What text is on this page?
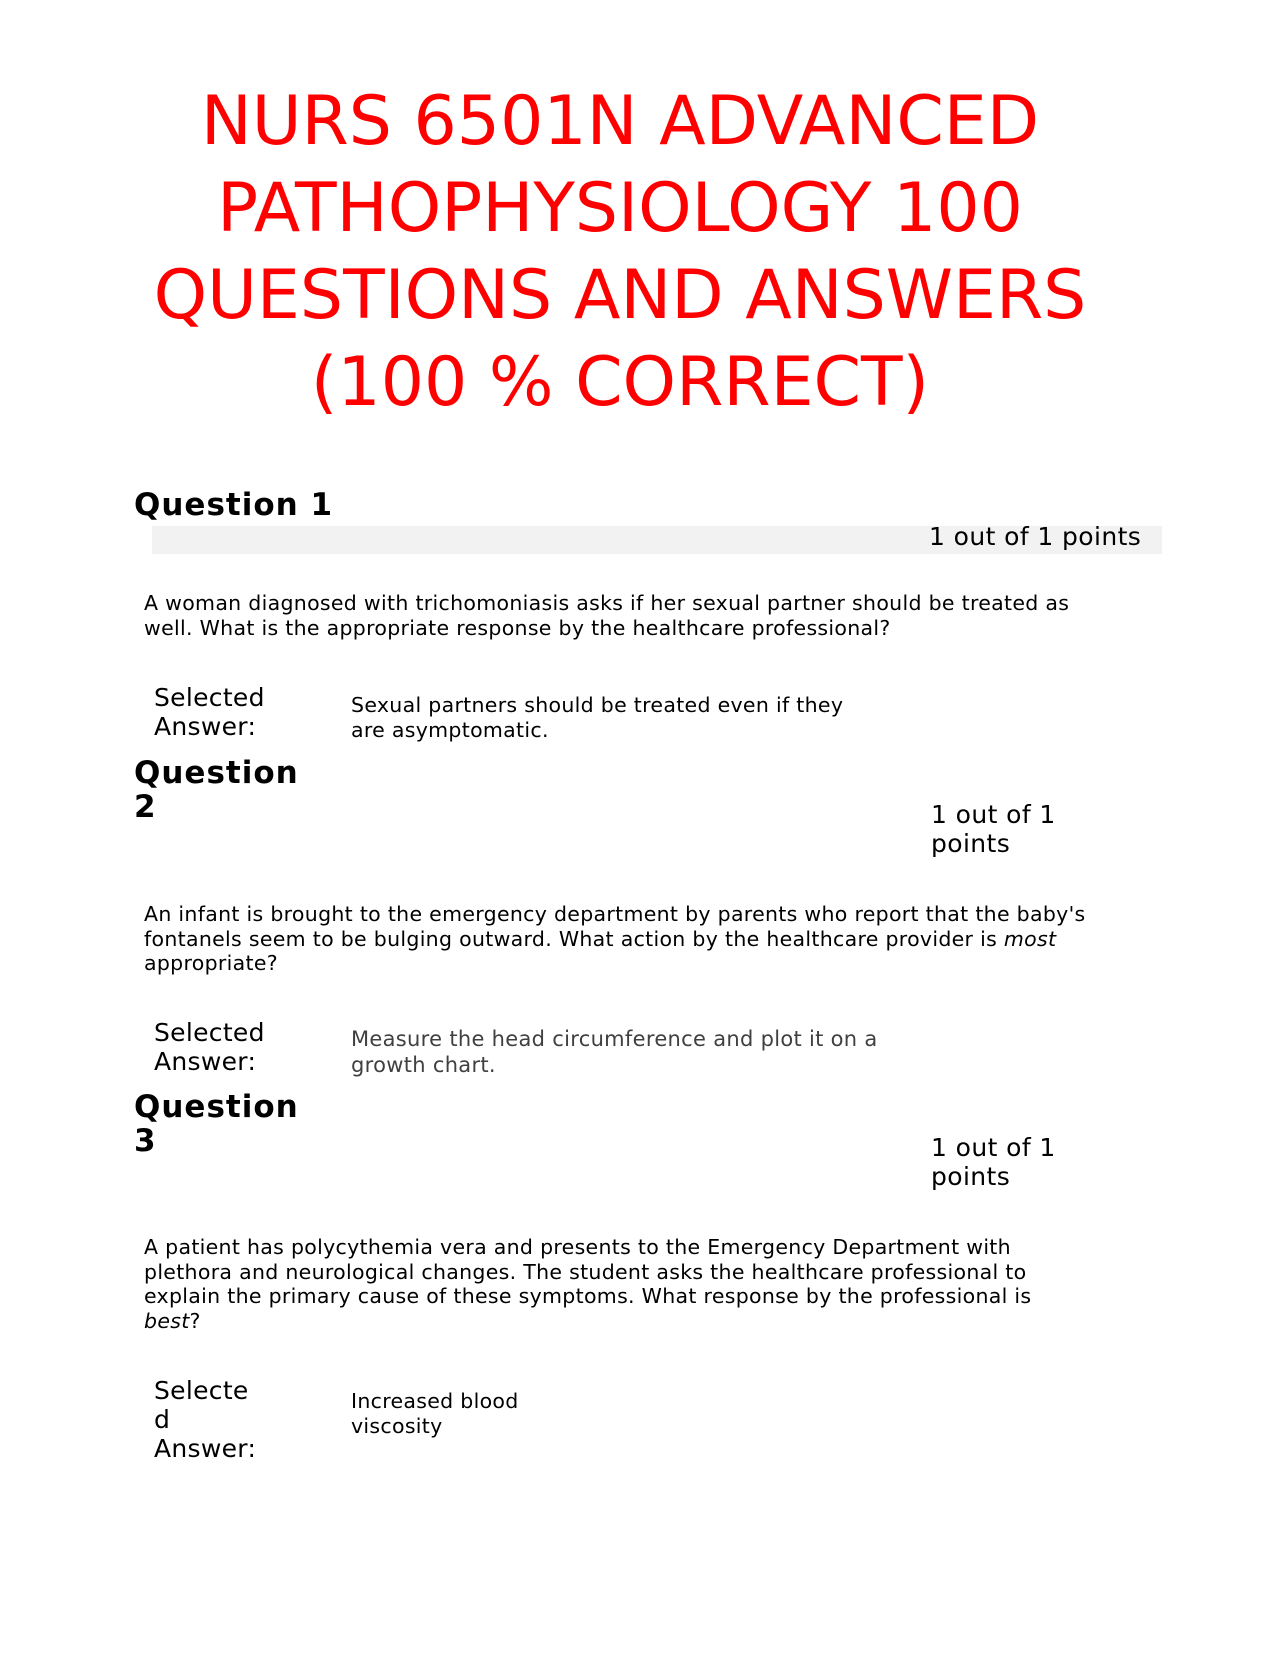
NURS 6501N ADVANCED
PATHOPHYSIOLOGY 100
QUESTIONS AND ANSWERS
(100 % CORRECT)
Question 1
1 out of 1 points

A woman diagnosed with trichomoniasis asks if her sexual partner should be treated as well. What is the appropriate response by the healthcare professional?

Selected Answer:
Sexual partners should be treated even if they are asymptomatic.
Question
2	1 out of 1
points

An infant is brought to the emergency department by parents who report that the baby's fontanels seem to be bulging outward. What action by the healthcare provider is most appropriate?

Selected Answer:
Measure the head circumference and plot it on a growth chart.
Question
3	1 out of 1
points

A patient has polycythemia vera and presents to the Emergency Department with plethora and neurological changes. The student asks the healthcare professional to explain the primary cause of these symptoms. What response by the professional is best?

Selecte
d
Answer:
Increased blood viscosity
